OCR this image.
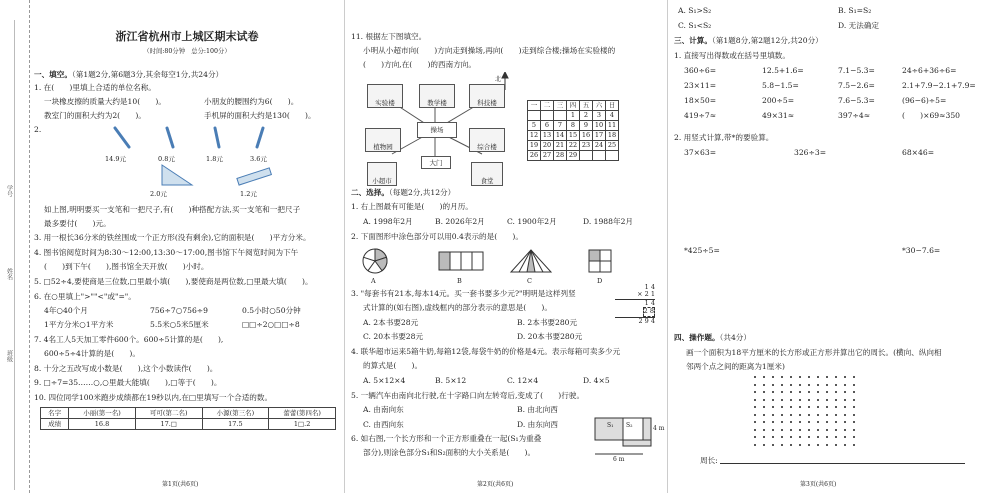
学号
姓名
班级
浙江省杭州市上城区期末试卷
（时间:80分钟　总分:100分）
一、填空。（第1题2分,第6题3分,其余每空1分,共24分）
1. 在(　　)里填上合适的单位名称。
一块橡皮擦的质量大约是10(　　)。	小朋友的腰围约为6(　　)。
教室门的面积大约为2(　　)。	手机屏的面积大约是130(　　)。
2.
14.9元	0.8元	1.8元	3.6元
2.0元	1.2元
如上图,明明要买一支笔和一把尺子,有(　　)种搭配方法,买一支笔和一把尺子
最多要付(　　)元。
3. 用一根长36分米的铁丝围成一个正方形(没有剩余),它的面积是(　　)平方分米。
4. 图书馆阅览时间为8:30～12:00,13:30～17:00,图书馆下午阅览时间为下午
(　　)到下午(　　),图书馆全天开放(　　)小时。
5. □52÷4,要使商是三位数,□里最小填(　　),要使商是两位数,□里最大填(　　)。
6. 在○里填上">""<"或"="。
4年○40个月	756÷7○756÷9	0.5小时○50分钟
1平方分米○1平方米	5.5米○5米5厘米	□□÷2○□□÷8
7. 4名工人5天加工零件600个。600÷5计算的是(　　),
600÷5÷4计算的是(　　)。
8. 十分之五改写成小数是(　　),这个小数读作(　　)。
9. □÷7=35……○,○里最大能填(　　),□等于(　　)。
10. 四位同学100米跑步成绩都在19秒以内,在□里填写一个合适的数。
名字	小丽(第一名)	可可(第二名)	小源(第三名)	蕾蕾(第四名)
成绩	16.8	17.□	17.5	1□.2
第1页(共6页)
11. 根据左下图填空。
小明从小超市向(　　)方向走到操场,再向(　　)走到综合楼;操场在实验楼的
(　　)方向,在(　　)的西南方向。
北
实验楼	教学楼	科技楼
操场
植物园	综合楼
大门
小超市	食堂
一	二	三	四	五	六	日
			1	2	3	4
5	6	7	8	9	10	11
12	13	14	15	16	17	18
19	20	21	22	23	24	25
26	27	28	29			
二、选择。（每题2分,共12分）
1. 右上图最有可能是(　　)的月历。
A. 1998年2月	B. 2026年2月	C. 1900年2月	D. 1988年2月
2. 下面图形中涂色部分可以用0.4表示的是(　　)。
A	B	C	D
3. "每套书有21本,每本14元。买一套书要多少元?"明明是这样列竖
式计算的(如右图),虚线框内的部分表示的意思是(　　)。
1 4
× 2 1
1 4
2 8
2 9 4
A. 2本书要28元	B. 2本书要280元
C. 20本书要28元	D. 20本书要280元
4. 联华超市运来5箱牛奶,每箱12袋,每袋牛奶的价格是4元。表示每箱可卖多少元
的算式是(　　)。
A. 5×12×4	B. 5×12	C. 12×4	D. 4×5
5. 一辆汽车由南向北行驶,在十字路口向左转弯后,变成了(　　)行驶。
A. 由南向东	B. 由北向西
C. 由西向东	D. 由东向西
6. 如右图,一个长方形和一个正方形重叠在一起(S₁为重叠
部分),则涂色部分S₁和S₂面积的大小关系是(　　)。
S₁ S₂	4 m
6 m
第2页(共6页)
A. S₁>S₂	B. S₁=S₂
C. S₁<S₂	D. 无法确定
三、计算。（第1题8分,第2题12分,共20分）
1. 直接写出得数或在括号里填数。
360÷6=	12.5+1.6=	7.1−5.3=	24÷6+36÷6=
23×11=	5.8−1.5=	7.5−2.6=	2.1+7.9−2.1+7.9=
18×50=	200÷5=	7.6−5.3=	(96−6)÷5=
419÷7≈	49×31≈	397÷4≈	(　　)×69≈350
2. 用竖式计算,带*的要验算。
37×63=	326÷3=	68×46=
*425÷5=	*30−7.6=
四、操作题。（共4分）
画一个面积为18平方厘米的长方形或正方形并算出它的周长。(横向、纵向相
邻两个点之间的距离为1厘米)
周长:
第3页(共6页)
